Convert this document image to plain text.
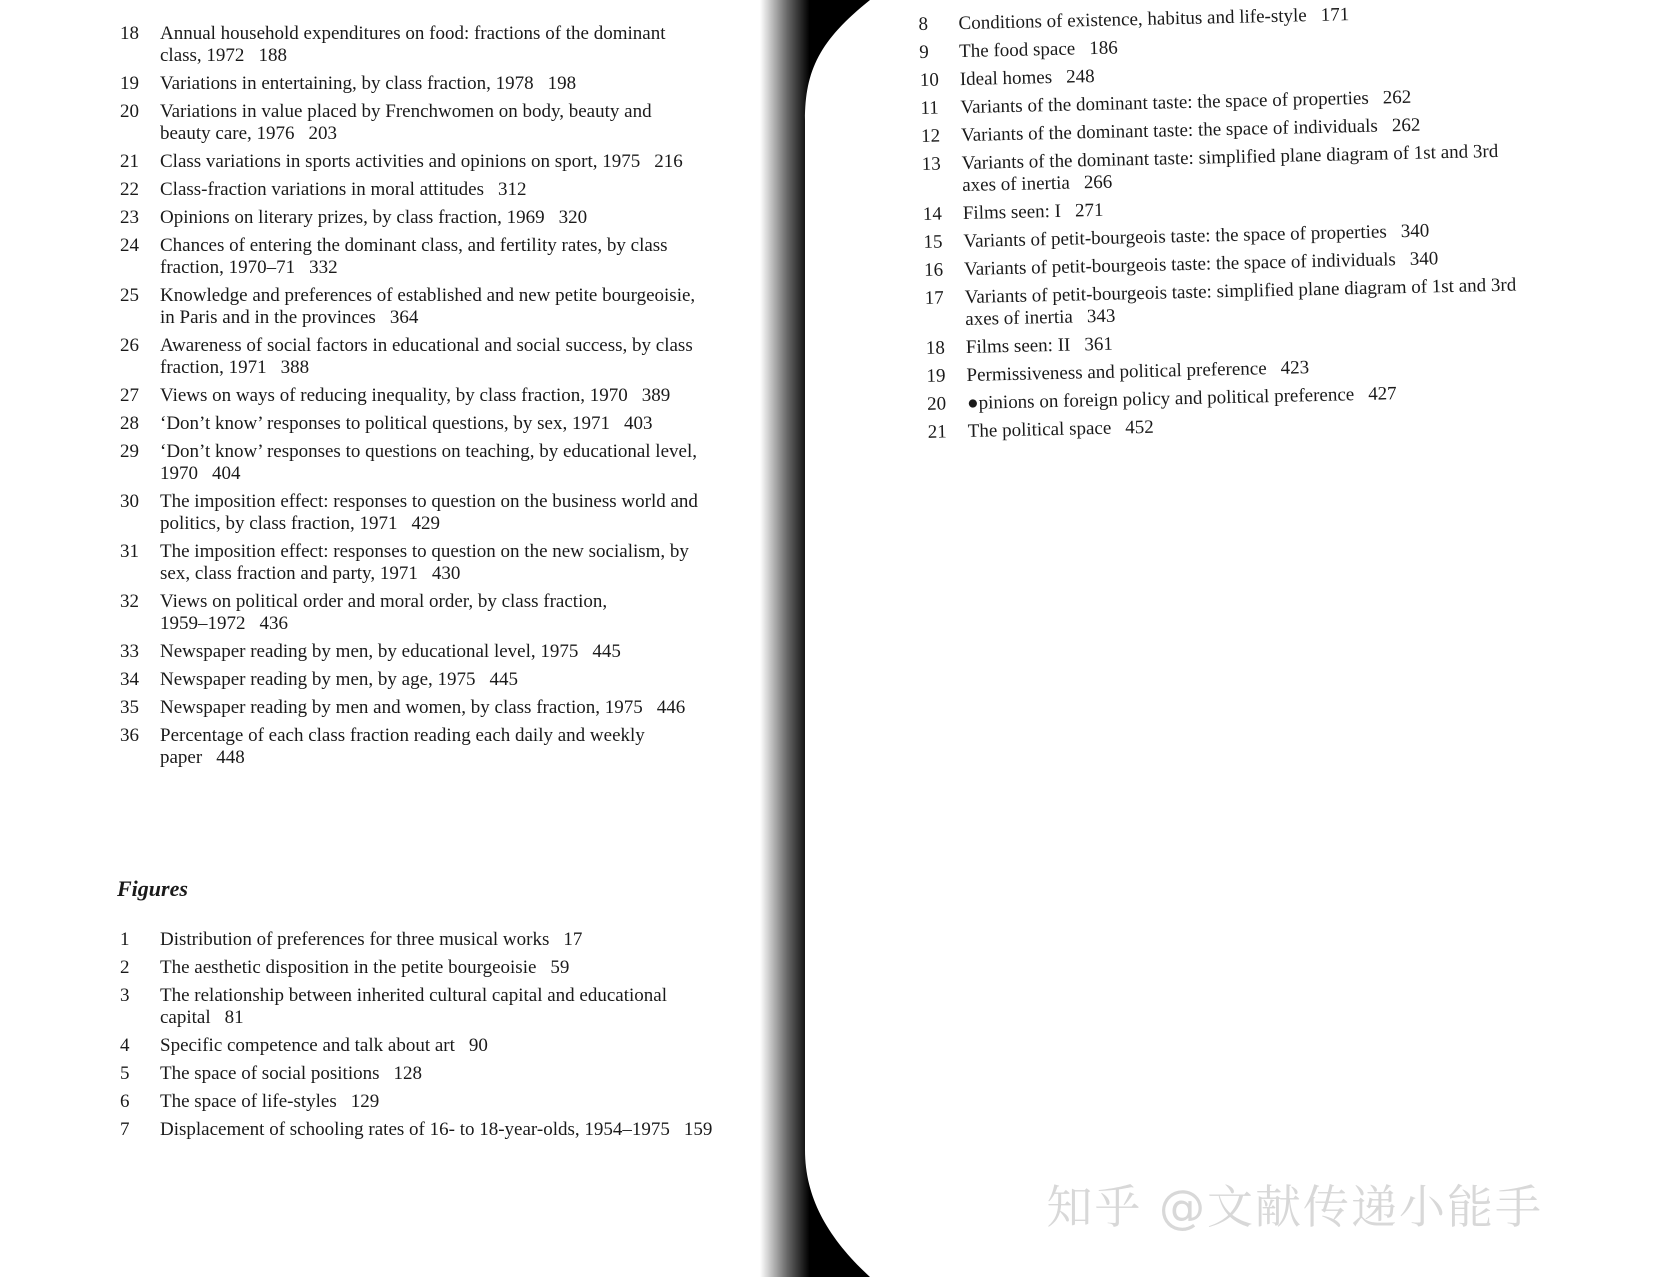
18	Annual household expenditures on food: fractions of the dominant
class, 1972 188
19	Variations in entertaining, by class fraction, 1978 198
20	Variations in value placed by Frenchwomen on body, beauty and
beauty care, 1976 203
21	Class variations in sports activities and opinions on sport, 1975 216
22	Class-fraction variations in moral attitudes 312
23	Opinions on literary prizes, by class fraction, 1969 320
24	Chances of entering the dominant class, and fertility rates, by class
fraction, 1970–71 332
25	Knowledge and preferences of established and new petite bourgeoisie,
in Paris and in the provinces 364
26	Awareness of social factors in educational and social success, by class
fraction, 1971 388
27	Views on ways of reducing inequality, by class fraction, 1970 389
28	‘Don’t know’ responses to political questions, by sex, 1971 403
29	‘Don’t know’ responses to questions on teaching, by educational level,
1970 404
30	The imposition effect: responses to question on the business world and
politics, by class fraction, 1971 429
31	The imposition effect: responses to question on the new socialism, by
sex, class fraction and party, 1971 430
32	Views on political order and moral order, by class fraction,
1959–1972 436
33	Newspaper reading by men, by educational level, 1975 445
34	Newspaper reading by men, by age, 1975 445
35	Newspaper reading by men and women, by class fraction, 1975 446
36	Percentage of each class fraction reading each daily and weekly
paper 448
Figures
1	Distribution of preferences for three musical works 17
2	The aesthetic disposition in the petite bourgeoisie 59
3	The relationship between inherited cultural capital and educational
capital 81
4	Specific competence and talk about art 90
5	The space of social positions 128
6	The space of life-styles 129
7	Displacement of schooling rates of 16- to 18-year-olds, 1954–1975 159
8	Conditions of existence, habitus and life-style 171
9	The food space 186
10	Ideal homes 248
11	Variants of the dominant taste: the space of properties 262
12	Variants of the dominant taste: the space of individuals 262
13	Variants of the dominant taste: simplified plane diagram of 1st and 3rd
axes of inertia 266
14	Films seen: I 271
15	Variants of petit-bourgeois taste: the space of properties 340
16	Variants of petit-bourgeois taste: the space of individuals 340
17	Variants of petit-bourgeois taste: simplified plane diagram of 1st and 3rd
axes of inertia 343
18	Films seen: II 361
19	Permissiveness and political preference 423
20	●pinions on foreign policy and political preference 427
21	The political space 452
知乎 @文献传递小能手
